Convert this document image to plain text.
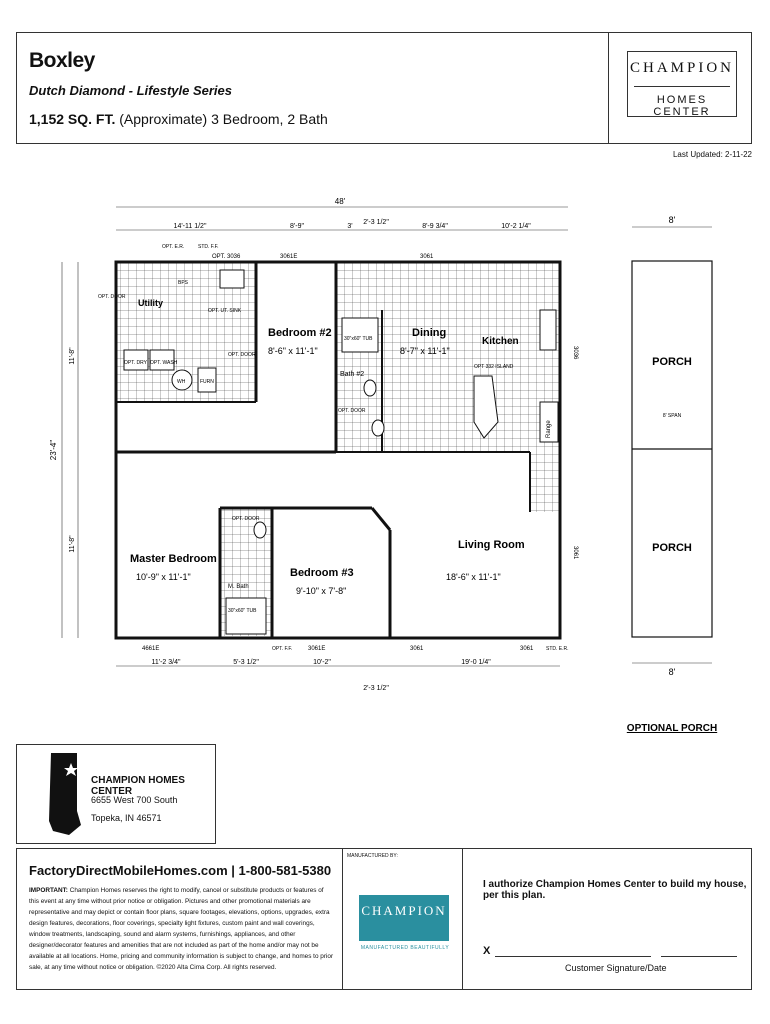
Boxley
Dutch Diamond - Lifestyle Series
1,152 SQ. FT. (Approximate) 3 Bedroom, 2 Bath
CHAMPION
HOMES CENTER
Last Updated: 2-11-22
48'
14'-11 1/2"	8'-9"	3'
2'-3 1/2"
8'-9 3/4"	10'-2 1/4"
OPT. E.R.	STD. F.F.
OPT. 3036	3061E	3061
23'-4"
11'-8"
11'-8"
Utility
Bedroom #2
8'-6" x 11'-1"
Dining
8'-7" x 11'-1"
Kitchen
Master Bedroom
10'-9" x 11'-1"	Bedroom #3
9'-10" x 7'-8"
Living Room
18'-6" x 11'-1"
OPT. DOOR
OPT. UT. SINK
OPT. DRY OPT. WASH
WH	FURN
OPT. DOOR
30"x60" TUB
Bath #2
OPT. DOOR
OPT 332 ISLAND
Range
OPT. DOOR
M. Bath
30"x60" TUB
BPS
3036
3061
4661E	OPT. F.F.	3061E	3061	3061	STD. E.R.
11'-2 3/4"	5'-3 1/2"	10'-2"	19'-0 1/4"
2'-3 1/2"
8'
PORCH
8' SPAN
PORCH
8'
OPTIONAL PORCH
CHAMPION HOMES CENTER
6655 West 700 South
Topeka, IN 46571
FactoryDirectMobileHomes.com | 1-800-581-5380
IMPORTANT: Champion Homes reserves the right to modify, cancel or substitute products or features of this event at any time without prior notice or obligation. Pictures and other promotional materials are representative and may depict or contain floor plans, square footages, elevations, options, upgrades, extra design features, decorations, floor coverings, specialty light fixtures, custom paint and wall coverings, window treatments, landscaping, sound and alarm systems, furnishings, appliances, and other designer/decorator features and amenities that are not included as part of the home and/or may not be available at all locations. Home, pricing and community information is subject to change, and homes to prior sale, at any time without notice or obligation. ©2020 Alta Cima Corp. All rights reserved.
MANUFACTURED BY:
CHAMPION
MANUFACTURED BEAUTIFULLY
I authorize Champion Homes Center to build my house, per this plan.
X
Customer Signature/Date
